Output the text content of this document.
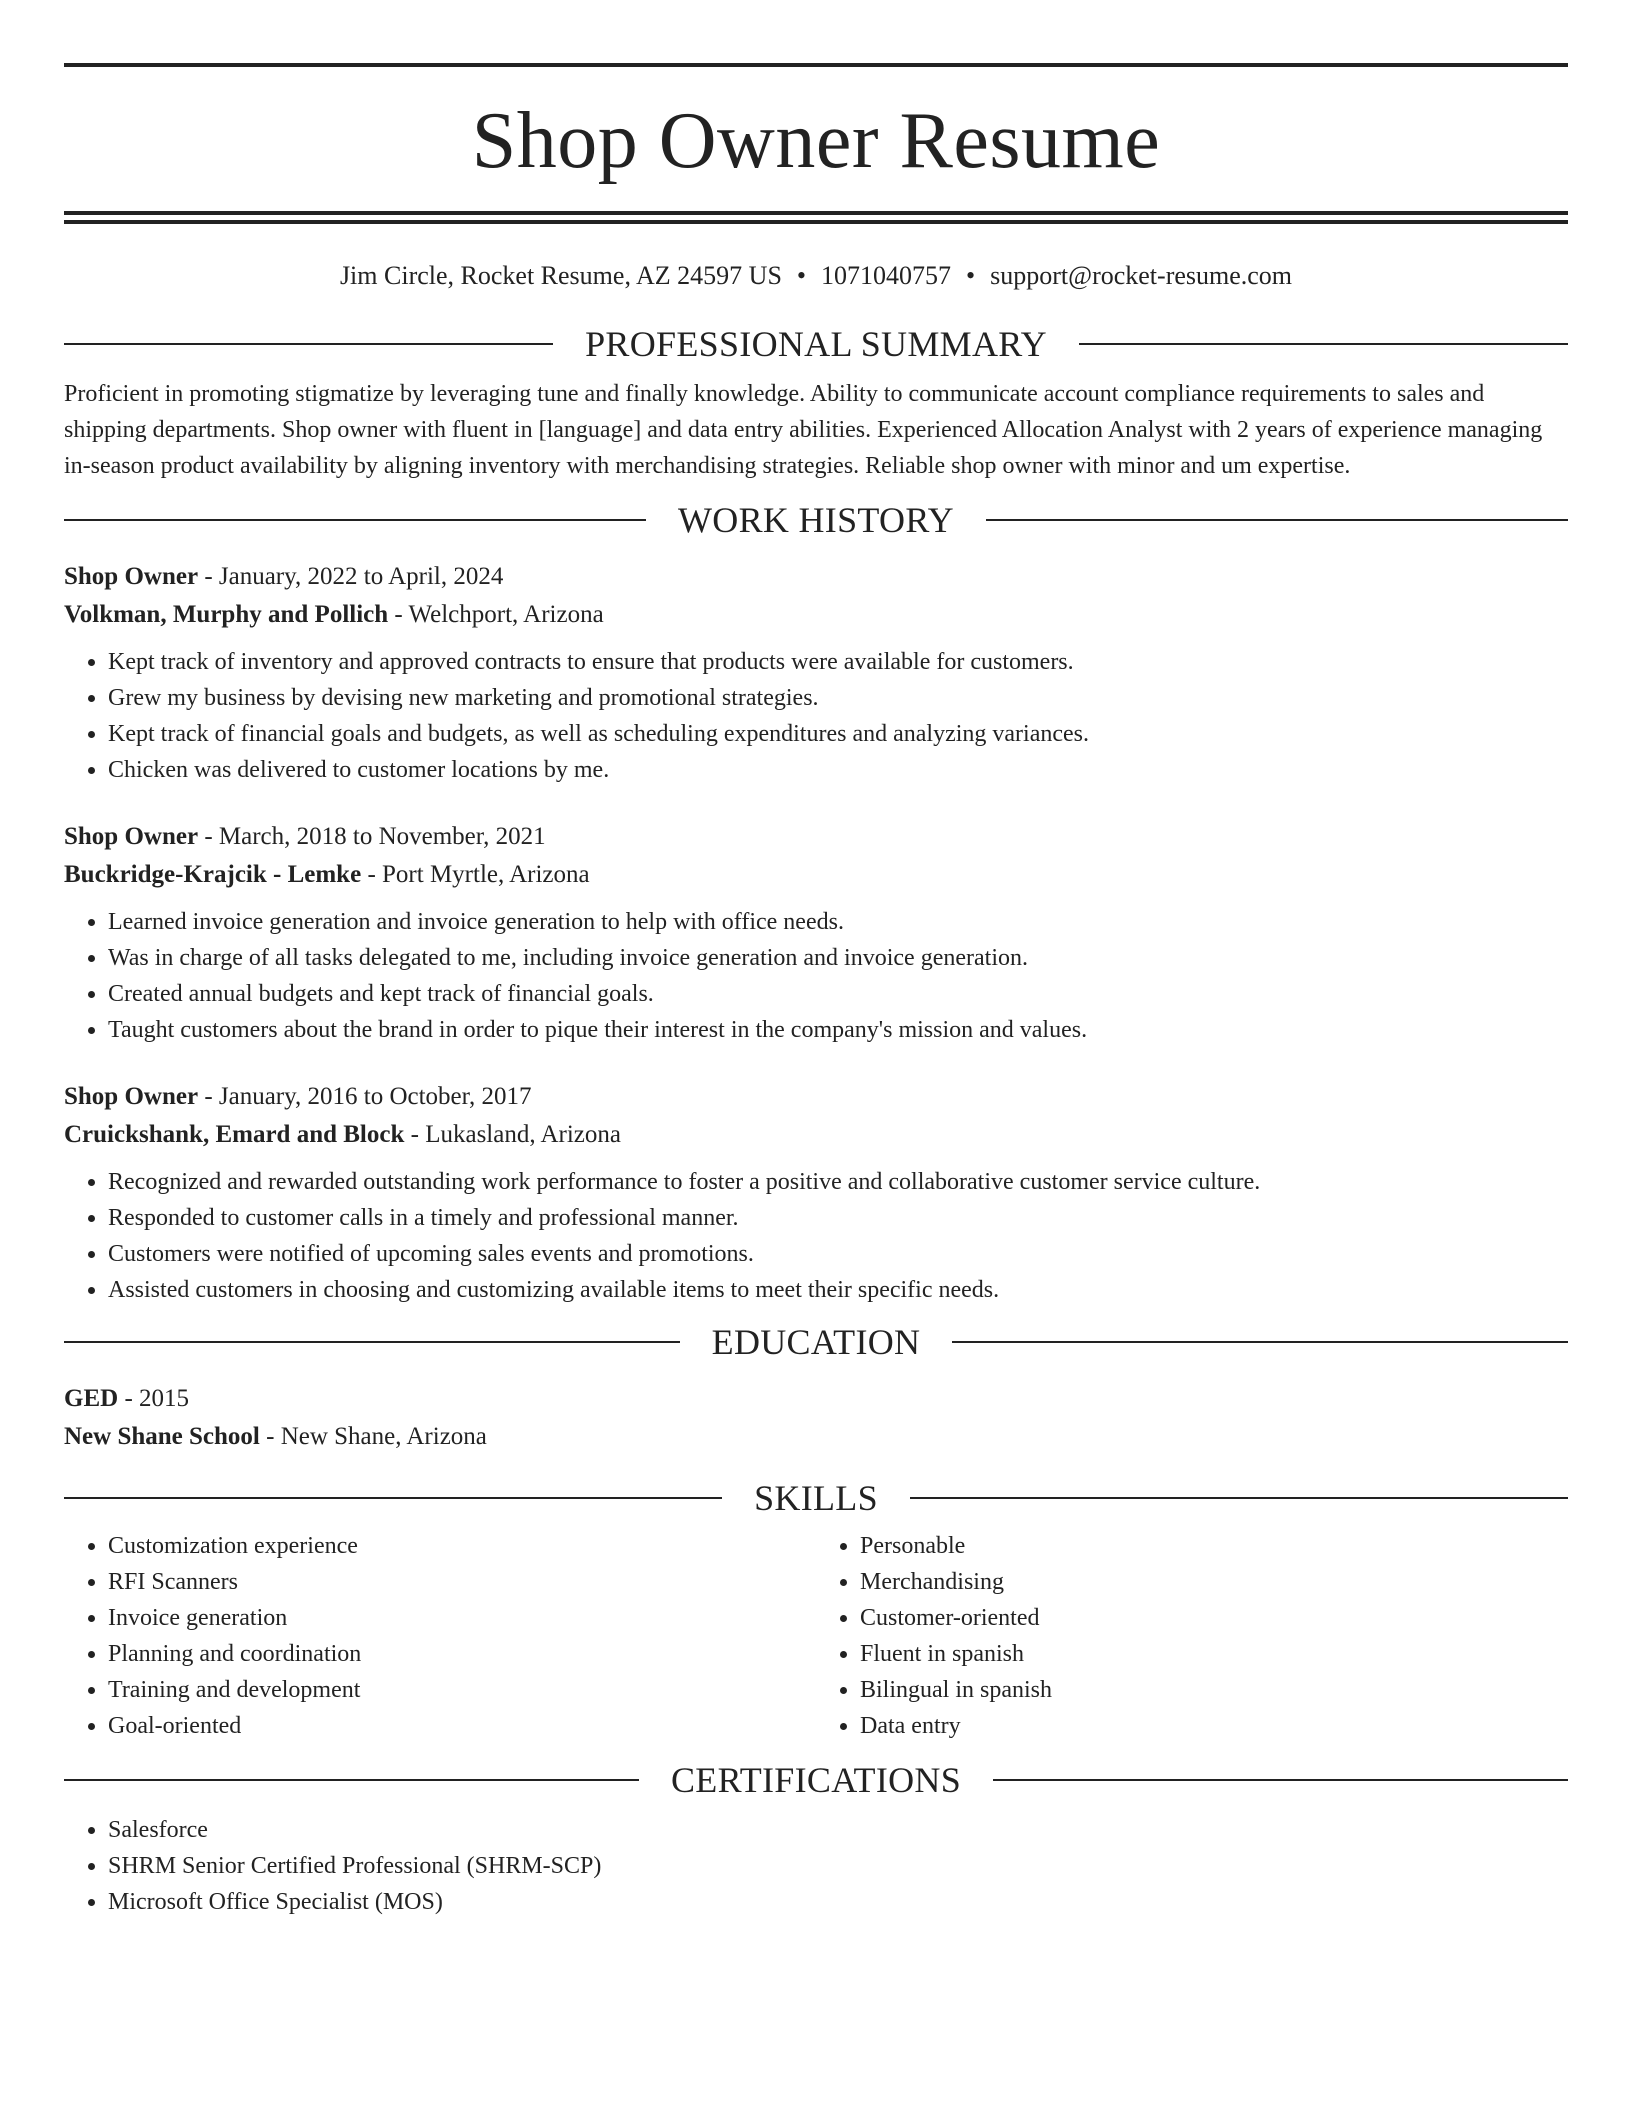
Shop Owner Resume
Jim Circle, Rocket Resume, AZ 24597 US • 1071040757 • support@rocket-resume.com
PROFESSIONAL SUMMARY

Proficient in promoting stigmatize by leveraging tune and finally knowledge. Ability to communicate account compliance requirements to sales and shipping departments. Shop owner with fluent in [language] and data entry abilities. Experienced Allocation Analyst with 2 years of experience managing in-season product availability by aligning inventory with merchandising strategies. Reliable shop owner with minor and um expertise.

WORK HISTORY

Shop Owner - January, 2022 to April, 2024

Volkman, Murphy and Pollich - Welchport, Arizona

• Kept track of inventory and approved contracts to ensure that products were available for customers.
• Grew my business by devising new marketing and promotional strategies.
• Kept track of financial goals and budgets, as well as scheduling expenditures and analyzing variances.
• Chicken was delivered to customer locations by me.

Shop Owner - March, 2018 to November, 2021

Buckridge-Krajcik - Lemke - Port Myrtle, Arizona

• Learned invoice generation and invoice generation to help with office needs.
• Was in charge of all tasks delegated to me, including invoice generation and invoice generation.
• Created annual budgets and kept track of financial goals.
• Taught customers about the brand in order to pique their interest in the company's mission and values.

Shop Owner - January, 2016 to October, 2017

Cruickshank, Emard and Block - Lukasland, Arizona

• Recognized and rewarded outstanding work performance to foster a positive and collaborative customer service culture.
• Responded to customer calls in a timely and professional manner.
• Customers were notified of upcoming sales events and promotions.
• Assisted customers in choosing and customizing available items to meet their specific needs.
EDUCATION

GED - 2015

New Shane School - New Shane, Arizona

SKILLS
• Customization experience
• RFI Scanners
• Invoice generation
• Planning and coordination
• Training and development
• Goal-oriented
• Personable
• Merchandising
• Customer-oriented
• Fluent in spanish
• Bilingual in spanish
• Data entry
CERTIFICATIONS
• Salesforce
• SHRM Senior Certified Professional (SHRM-SCP)
• Microsoft Office Specialist (MOS)
